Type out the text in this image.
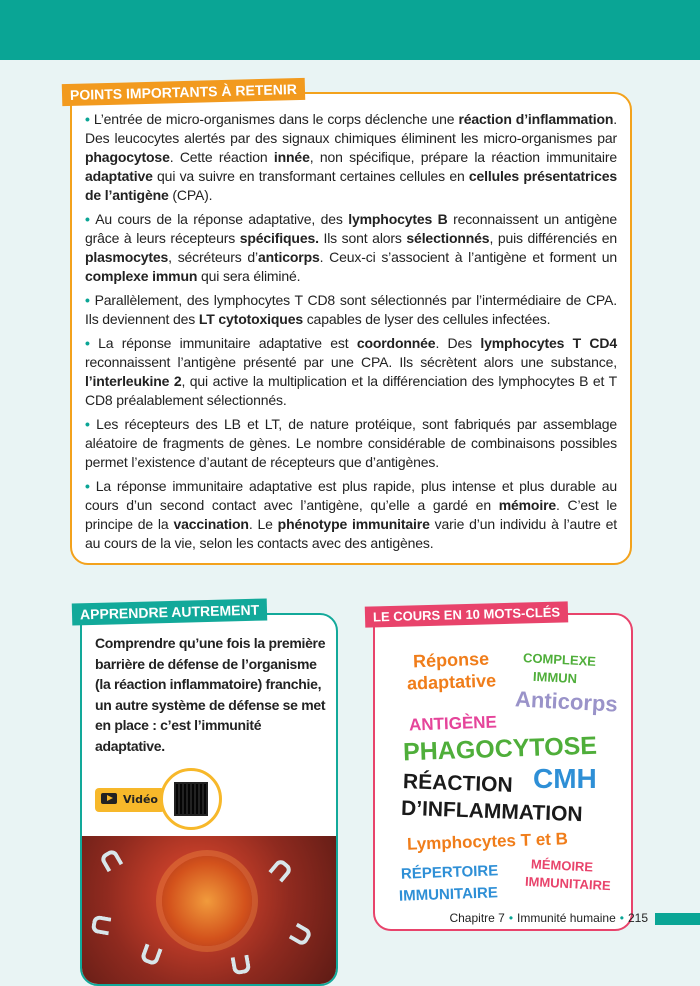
• L’entrée de micro-organismes dans le corps déclenche une réaction d’inflammation. Des leucocytes alertés par des signaux chimiques éliminent les micro-organismes par phagocytose. Cette réaction innée, non spécifique, prépare la réaction immunitaire adaptative qui va suivre en transformant certaines cellules en cellules présentatrices de l’antigène (CPA).

• Au cours de la réponse adaptative, des lymphocytes B reconnaissent un antigène grâce à leurs récepteurs spécifiques. Ils sont alors sélectionnés, puis différenciés en plasmocytes, sécréteurs d’anticorps. Ceux-ci s’associent à l’antigène et forment un complexe immun qui sera éliminé.

• Parallèlement, des lymphocytes T CD8 sont sélectionnés par l’intermédiaire de CPA. Ils deviennent des LT cytotoxiques capables de lyser des cellules infectées.

• La réponse immunitaire adaptative est coordonnée. Des lymphocytes T CD4 reconnaissent l’antigène présenté par une CPA. Ils sécrètent alors une substance, l’interleukine 2, qui active la multiplication et la différenciation des lymphocytes B et T CD8 préalablement sélectionnés.

• Les récepteurs des LB et LT, de nature protéique, sont fabriqués par assemblage aléatoire de fragments de gènes. Le nombre considérable de combinaisons possibles permet l’existence d’autant de récepteurs que d’antigènes.

• La réponse immunitaire adaptative est plus rapide, plus intense et plus durable au cours d’un second contact avec l’antigène, qu’elle a gardé en mémoire. C’est le principe de la vaccination. Le phénotype immunitaire varie d’un individu à l’autre et au cours de la vie, selon les contacts avec des antigènes.

POINTS IMPORTANTS À RETENIR
Comprendre qu’une fois la première barrière de défense de l’organisme (la réaction inflammatoire) franchie, un autre système de défense se met en place : c’est l’immunité adaptative.
Vidéo
APPRENDRE AUTREMENT
Réponse
adaptative
COMPLEXE
IMMUN
Anticorps
ANTIGÈNE
PHAGOCYTOSE
RÉACTION CMH
D’INFLAMMATION
Lymphocytes T et B
RÉPERTOIRE
IMMUNITAIRE
MÉMOIRE
IMMUNITAIRE
LE COURS EN 10 MOTS-CLÉS
Chapitre 7 • Immunité humaine • 215
